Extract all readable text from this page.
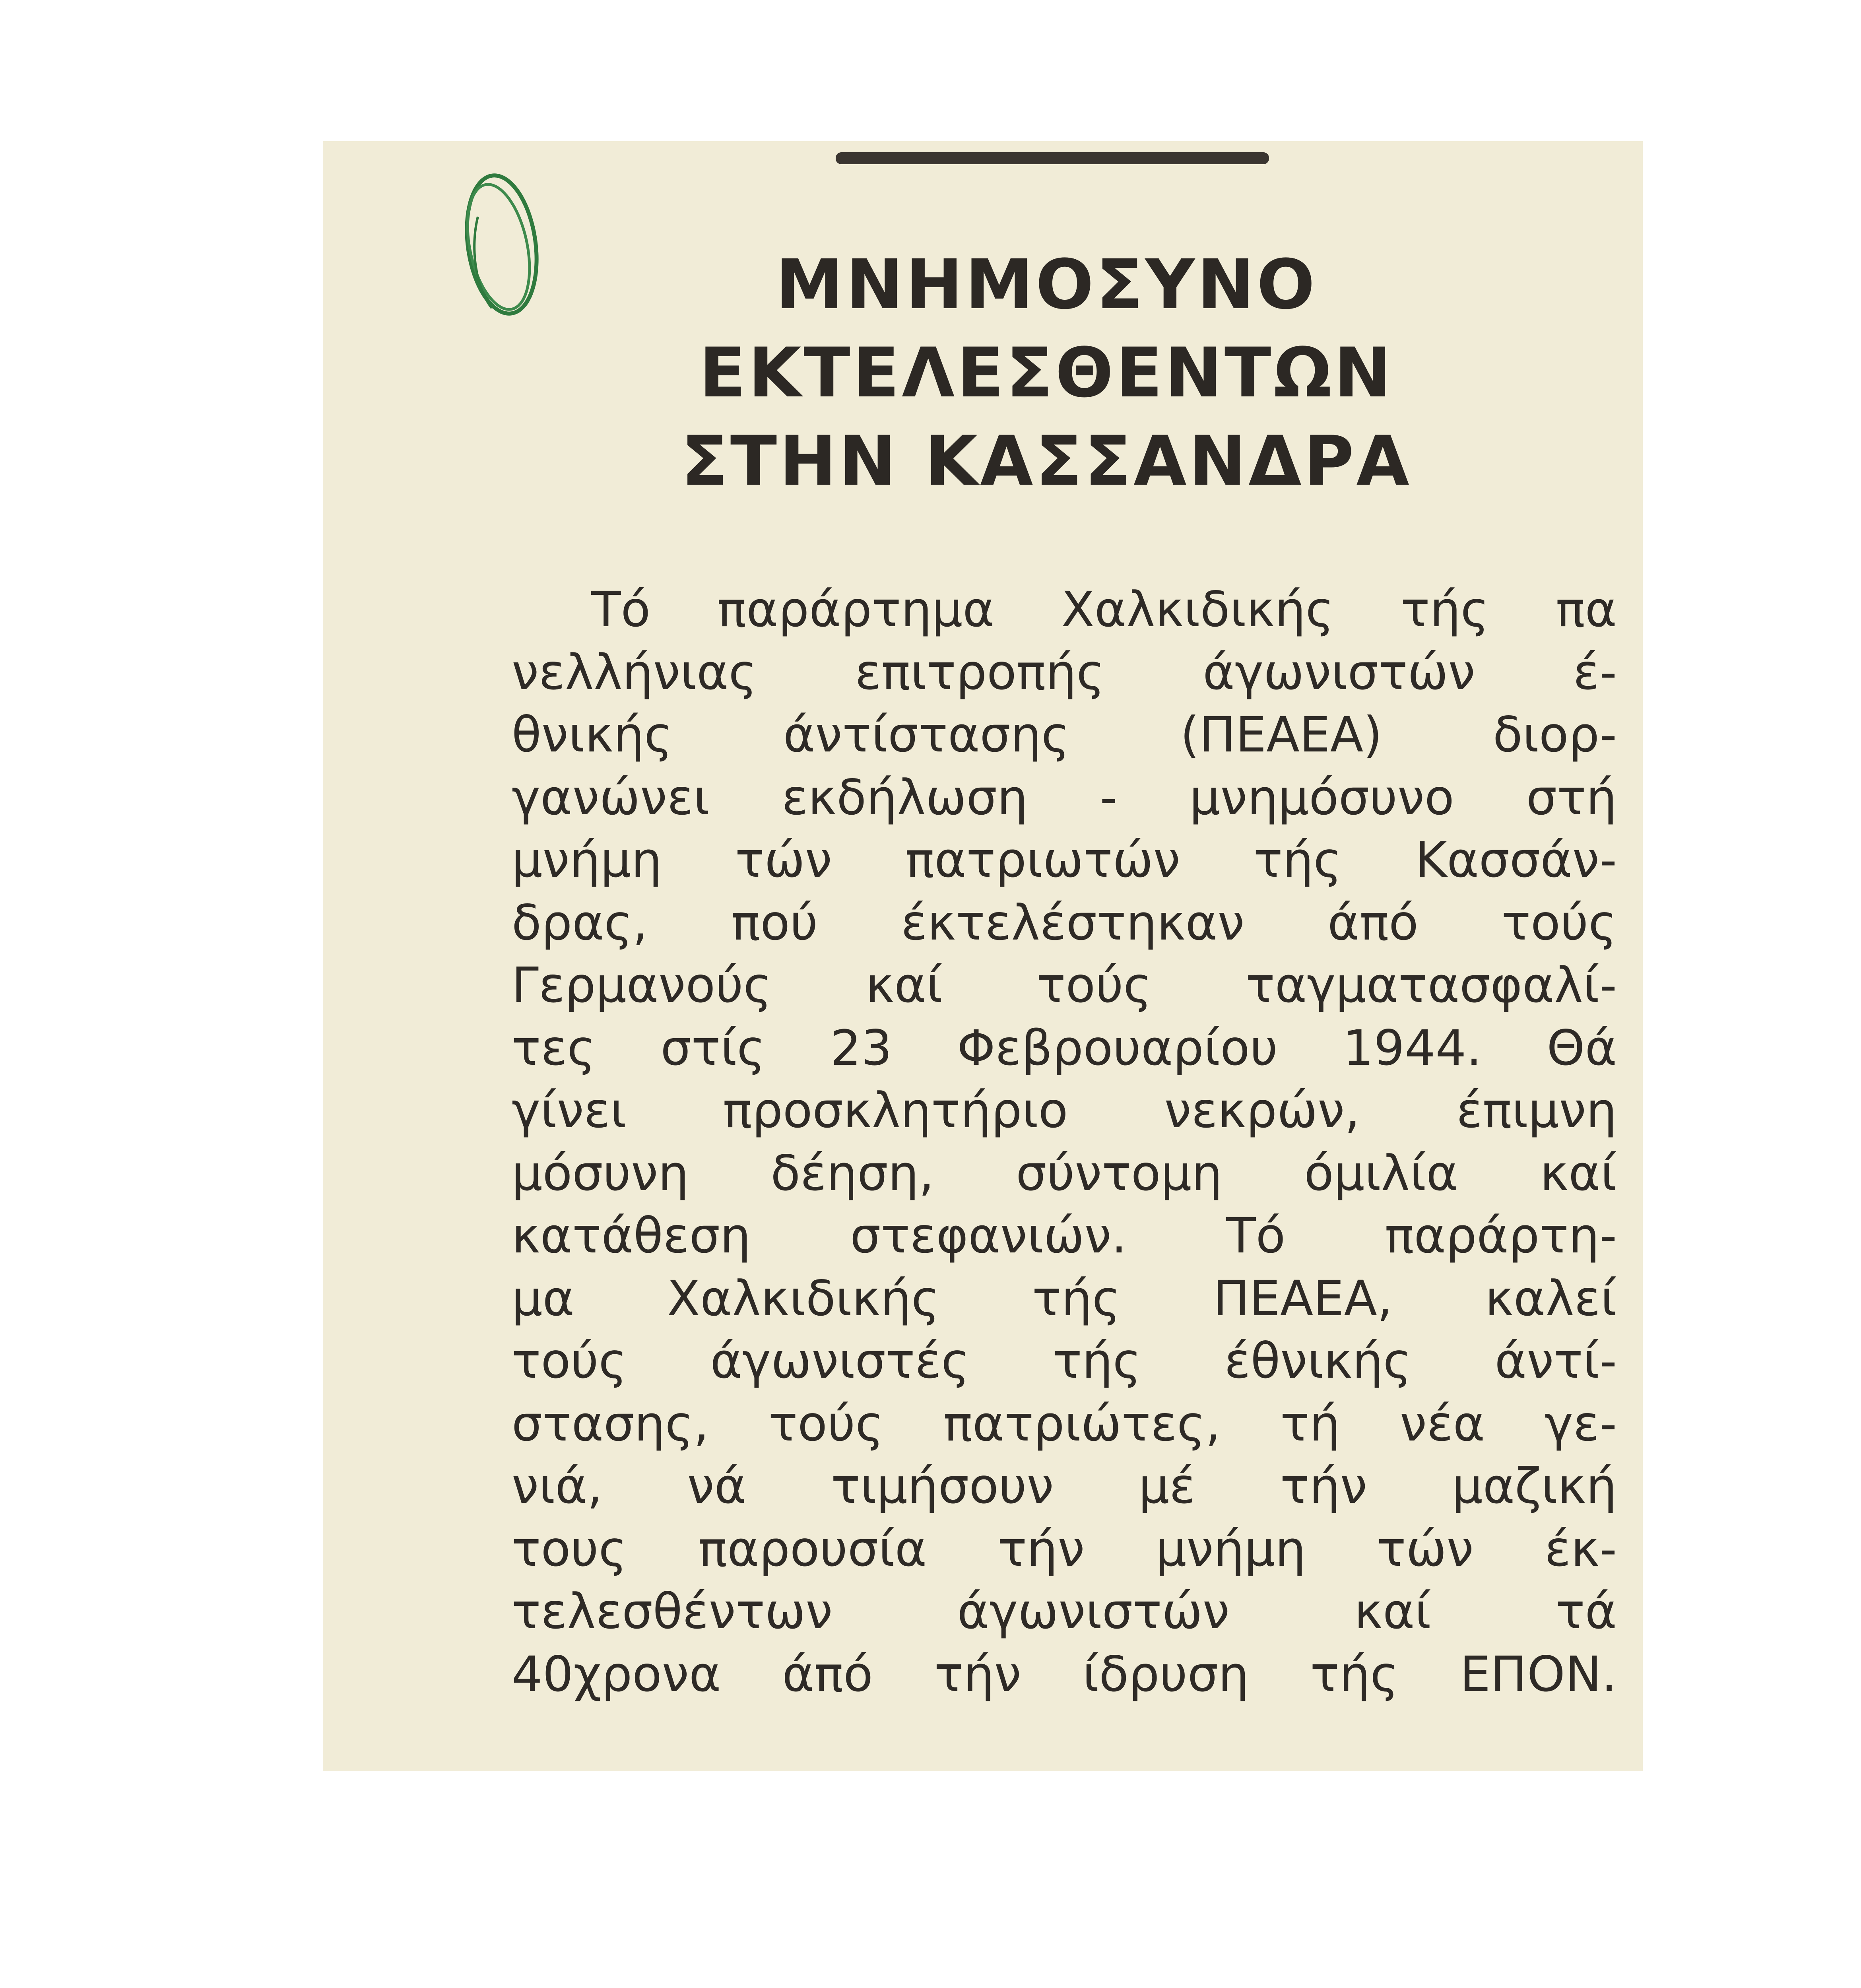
ΜΝΗΜΟΣΥΝΟ
ΕΚΤΕΛΕΣΘΕΝΤΩΝ
ΣΤΗΝ ΚΑΣΣΑΝΔΡΑ

Τό παράρτημα Χαλκιδικής τής πα
νελλήνιας επιτροπής άγωνιστών έ-
θνικής άντίστασης (ΠΕΑΕΑ) διορ-
γανώνει εκδήλωση - μνημόσυνο στή
μνήμη τών πατριωτών τής Κασσάν-
δρας, πού έκτελέστηκαν άπό τούς
Γερμανούς καί τούς ταγματασφαλί-
τες στίς 23 Φεβρουαρίου 1944. Θά
γίνει προσκλητήριο νεκρών, έπιμνη
μόσυνη δέηση, σύντομη όμιλία καί
κατάθεση στεφανιών. Τό παράρτη-
μα Χαλκιδικής τής ΠΕΑΕΑ, καλεί
τούς άγωνιστές τής έθνικής άντί-
στασης, τούς πατριώτες, τή νέα γε-
νιά, νά τιμήσουν μέ τήν μαζική
τους παρουσία τήν μνήμη τών έκ-
τελεσθέντων άγωνιστών καί τά
40χρονα άπό τήν ίδρυση τής ΕΠΟΝ.
